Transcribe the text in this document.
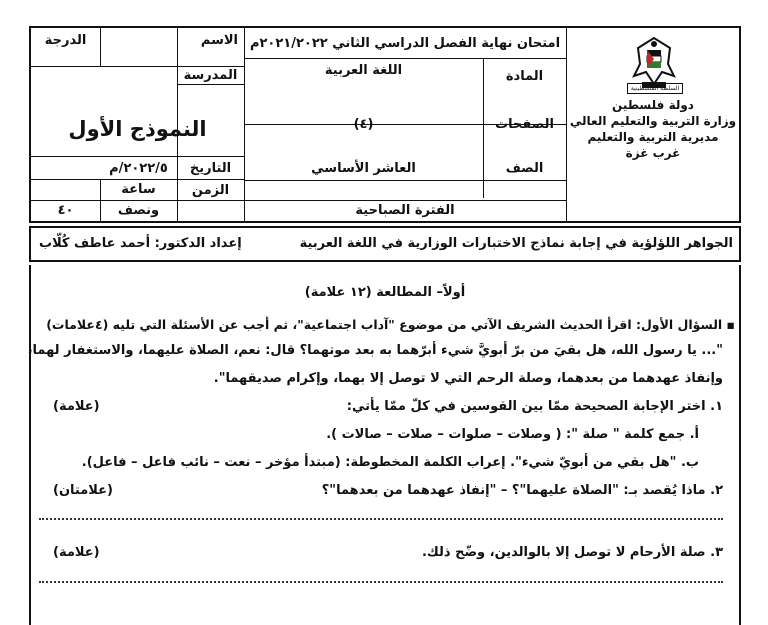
السلطة الفلسطينية
دولة فلسطين
وزارة التربية والتعليم العالي
مديرية التربية والتعليم
غرب غزة
امتحان نهاية الفصل الدراسي الثاني ٢٠٢١/٢٠٢٢م
الاسم
الدرجة
المادة
اللغة العربية
المدرسة
الصفحات
(٤)
النموذج الأول
الصف
العاشر الأساسي
التاريخ
٢٠٢٢/٥/م
الزمن
ساعة
ونصف
٤٠	الفترة الصباحية
الجواهر اللؤلؤية في إجابة نماذج الاختبارات الوزارية في اللغة العربية
إعداد الدكتور: أحمد عاطف كُلّاب
أولاً– المطالعة (١٢ علامة)
▪ السؤال الأول: اقرأ الحديث الشريف الآتي من موضوع "آداب اجتماعية"، ثم أجب عن الأسئلة التي تليه (٤علامات)
"... يا رسول الله، هل بقيَ من برّ أبويَّ شيء أبرّهما به بعد موتهما؟ قال: نعم، الصلاة عليهما، والاستغفار لهما،
وإنفاذ عهدهما من بعدهما، وصلة الرحم التي لا توصل إلا بهما، وإكرام صديقهما".
١. اختر الإجابة الصحيحة ممّا بين القوسين في كلّ ممّا يأتي:
(علامة)
أ. جمع كلمة " صلة ": ( وصلات – صلوات – صلات – صالات ).
ب. "هل بقي من أبويّ شيء". إعراب الكلمة المخطوطة: (مبتدأ مؤخر – نعت – نائب فاعل – فاعل).
٢. ماذا يُقصد بـ: "الصلاة عليهما"؟ – "إنفاذ عهدهما من بعدهما"؟
(علامتان)
٣. صلة الأرحام لا توصل إلا بالوالدين، وضّح ذلك.
(علامة)
